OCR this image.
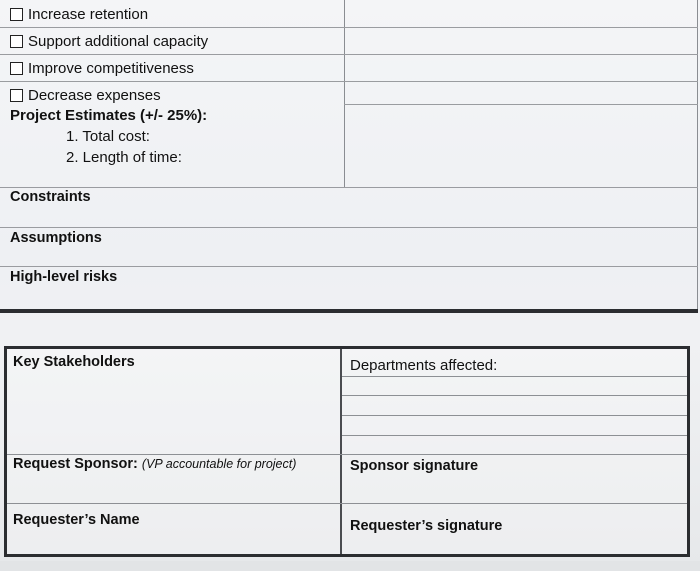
Increase retention
Support additional capacity
Improve competitiveness
Decrease expenses
Project Estimates (+/- 25%):
1. Total cost:
2. Length of time:
Constraints
Assumptions
High-level risks
Key Stakeholders	Departments affected:
Request Sponsor: (VP accountable for project)	Sponsor signature
Requester’s Name	Requester’s signature
